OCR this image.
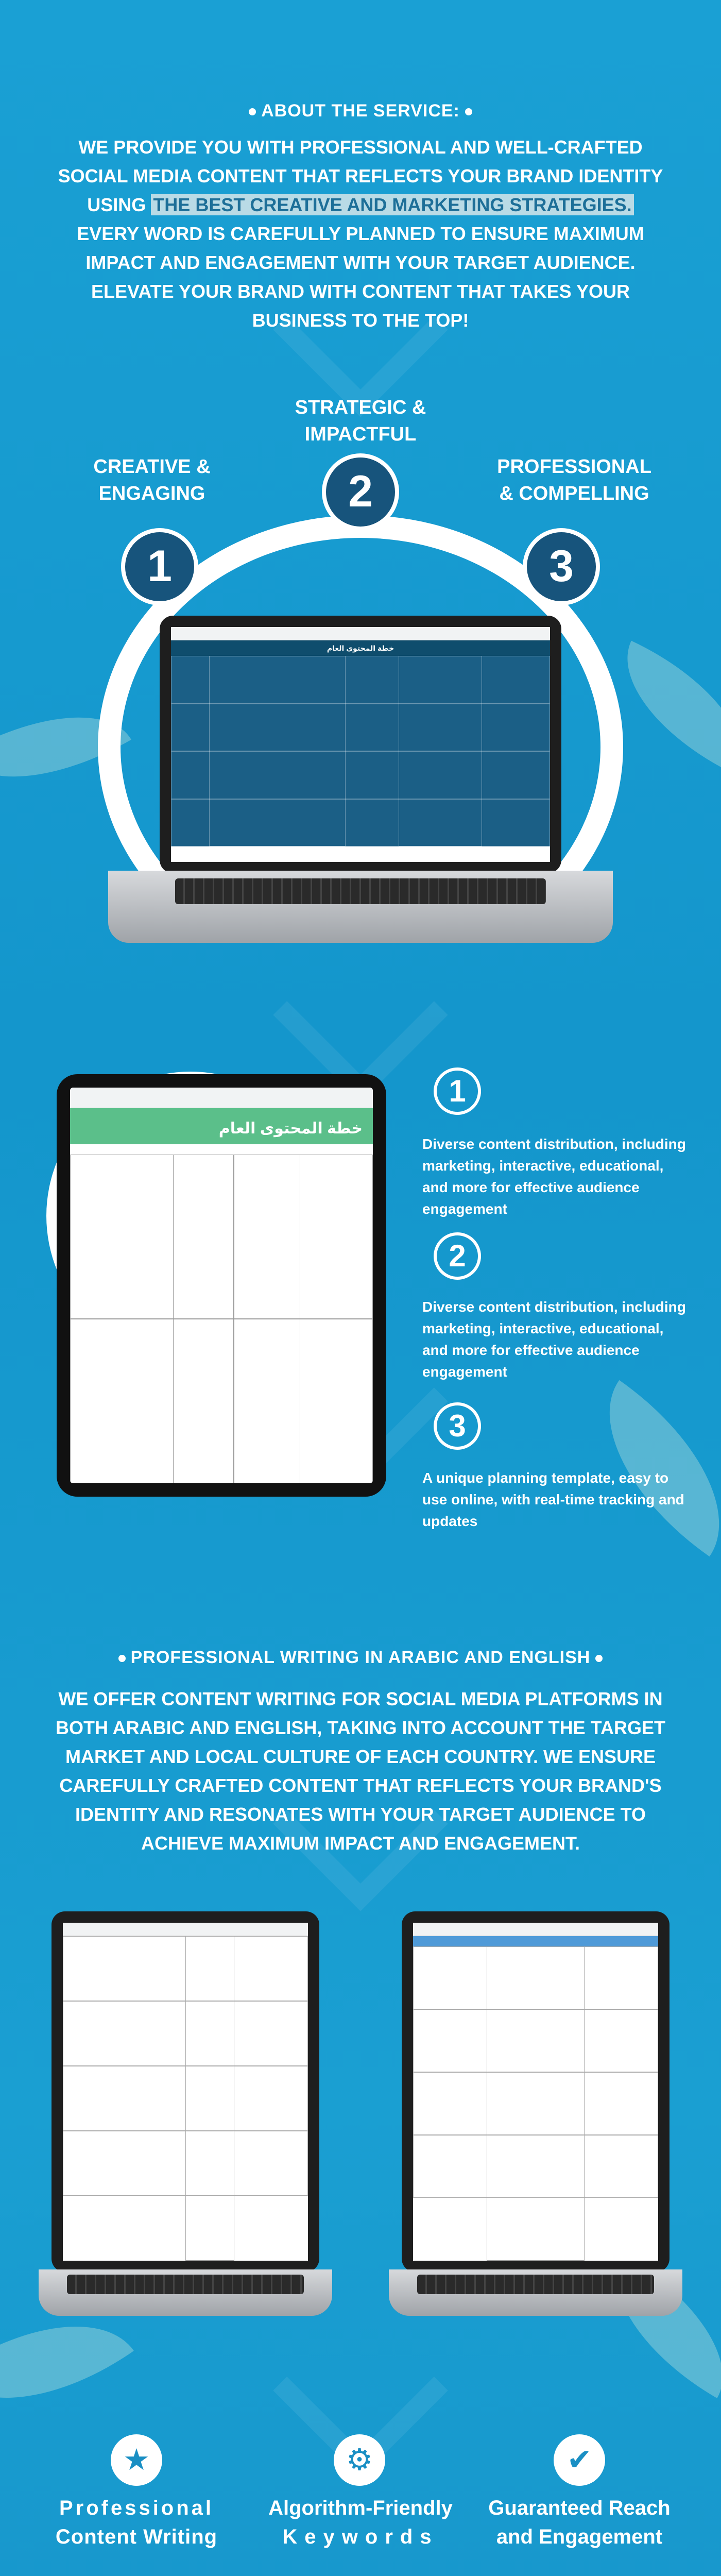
ABOUT THE SERVICE:
WE PROVIDE YOU WITH PROFESSIONAL AND WELL-CRAFTED SOCIAL MEDIA CONTENT THAT REFLECTS YOUR BRAND IDENTITY USING THE BEST CREATIVE AND MARKETING STRATEGIES. EVERY WORD IS CAREFULLY PLANNED TO ENSURE MAXIMUM IMPACT AND ENGAGEMENT WITH YOUR TARGET AUDIENCE. ELEVATE YOUR BRAND WITH CONTENT THAT TAKES YOUR BUSINESS TO THE TOP!
STRATEGIC & IMPACTFUL
CREATIVE & ENGAGING
PROFESSIONAL & COMPELLING
2
1	3
خطة المحتوى العام
خطة المحتوى العام
1
Diverse content distribution, including marketing, interactive, educational, and more for effective audience engagement
2
Diverse content distribution, including marketing, interactive, educational, and more for effective audience engagement
3
A unique planning template, easy to use online, with real-time tracking and updates
PROFESSIONAL WRITING IN ARABIC AND ENGLISH
WE OFFER CONTENT WRITING FOR SOCIAL MEDIA PLATFORMS IN BOTH ARABIC AND ENGLISH, TAKING INTO ACCOUNT THE TARGET MARKET AND LOCAL CULTURE OF EACH COUNTRY. WE ENSURE CAREFULLY CRAFTED CONTENT THAT REFLECTS YOUR BRAND'S IDENTITY AND RESONATES WITH YOUR TARGET AUDIENCE TO ACHIEVE MAXIMUM IMPACT AND ENGAGEMENT.
★
Professional
Content Writing
⚙
Algorithm-Friendly
Keywords
✔
Guaranteed Reach
and Engagement
